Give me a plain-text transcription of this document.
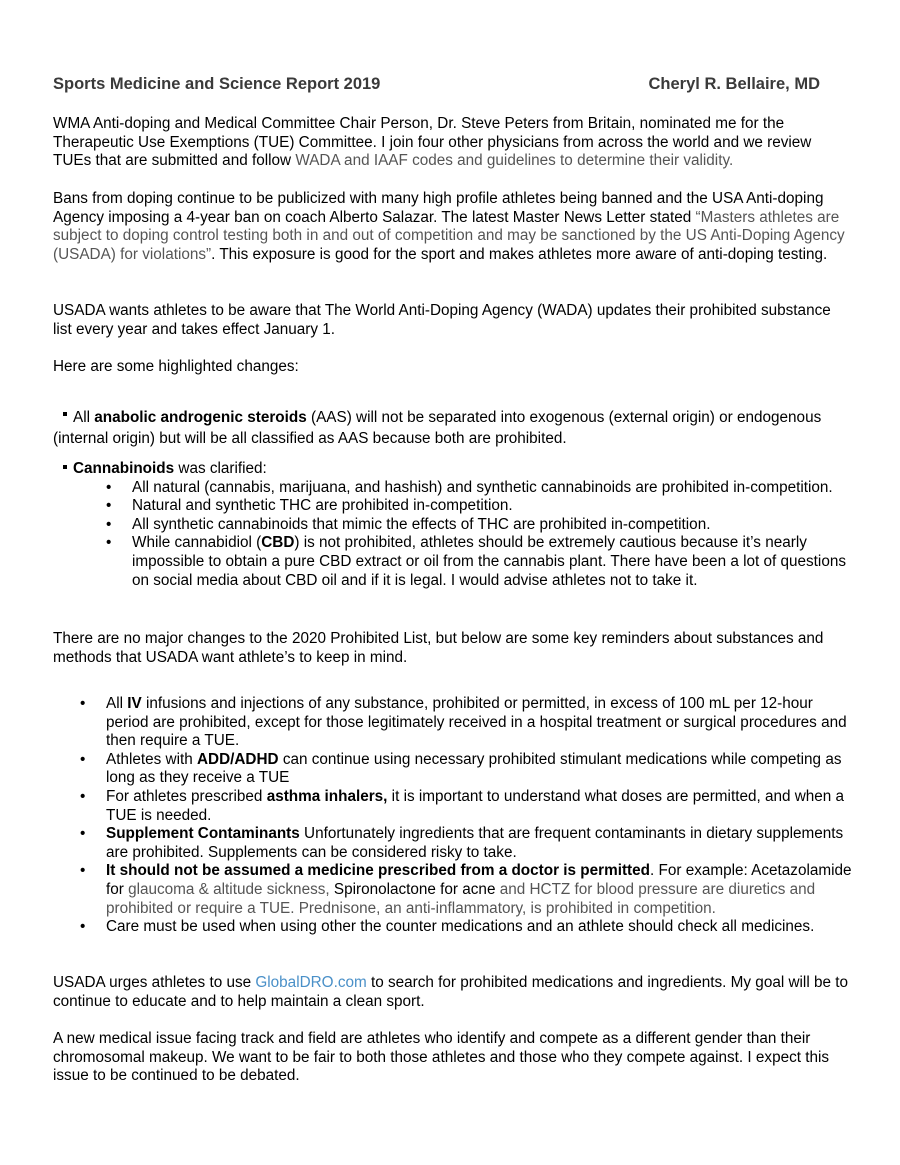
Sports Medicine and Science Report 2019	Cheryl R. Bellaire, MD

WMA Anti-doping and Medical Committee Chair Person, Dr. Steve Peters from Britain, nominated me for the Therapeutic Use Exemptions (TUE) Committee. I join four other physicians from across the world and we review TUEs that are submitted and follow WADA and IAAF codes and guidelines to determine their validity.

Bans from doping continue to be publicized with many high profile athletes being banned and the USA Anti-doping Agency imposing a 4-year ban on coach Alberto Salazar. The latest Master News Letter stated “Masters athletes are subject to doping control testing both in and out of competition and may be sanctioned by the US Anti-Doping Agency (USADA) for violations”. This exposure is good for the sport and makes athletes more aware of anti-doping testing.

USADA wants athletes to be aware that The World Anti-Doping Agency (WADA) updates their prohibited substance list every year and takes effect January 1.

Here are some highlighted changes:

All anabolic androgenic steroids (AAS) will not be separated into exogenous (external origin) or endogenous (internal origin) but will be all classified as AAS because both are prohibited.

Cannabinoids was clarified:

• All natural (cannabis, marijuana, and hashish) and synthetic cannabinoids are prohibited in-competition.
• Natural and synthetic THC are prohibited in-competition.
• All synthetic cannabinoids that mimic the effects of THC are prohibited in-competition.
• While cannabidiol (CBD) is not prohibited, athletes should be extremely cautious because it’s nearly impossible to obtain a pure CBD extract or oil from the cannabis plant. There have been a lot of questions on social media about CBD oil and if it is legal. I would advise athletes not to take it.

There are no major changes to the 2020 Prohibited List, but below are some key reminders about substances and methods that USADA want athlete’s to keep in mind.

• All IV infusions and injections of any substance, prohibited or permitted, in excess of 100 mL per 12-hour period are prohibited, except for those legitimately received in a hospital treatment or surgical procedures and then require a TUE.
• Athletes with ADD/ADHD can continue using necessary prohibited stimulant medications while competing as long as they receive a TUE
• For athletes prescribed asthma inhalers, it is important to understand what doses are permitted, and when a TUE is needed.
• Supplement Contaminants Unfortunately ingredients that are frequent contaminants in dietary supplements are prohibited. Supplements can be considered risky to take.
• It should not be assumed a medicine prescribed from a doctor is permitted. For example: Acetazolamide for glaucoma & altitude sickness, Spironolactone for acne and HCTZ for blood pressure are diuretics and prohibited or require a TUE. Prednisone, an anti-inflammatory, is prohibited in competition.
• Care must be used when using other the counter medications and an athlete should check all medicines.

USADA urges athletes to use GlobalDRO.com to search for prohibited medications and ingredients. My goal will be to continue to educate and to help maintain a clean sport.

A new medical issue facing track and field are athletes who identify and compete as a different gender than their chromosomal makeup. We want to be fair to both those athletes and those who they compete against. I expect this issue to be continued to be debated.
